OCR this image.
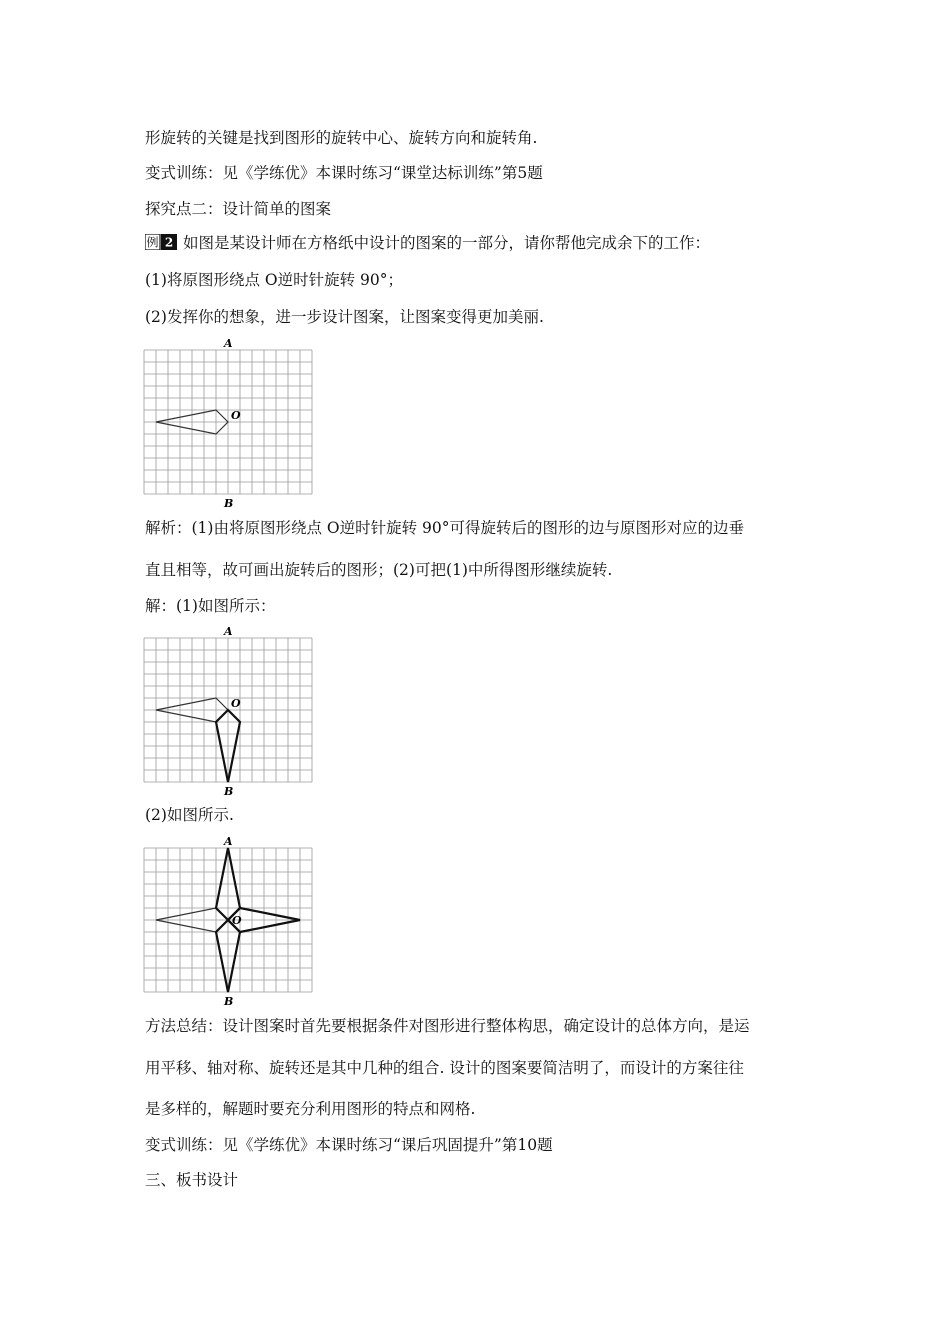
形旋转的关键是找到图形的旋转中心、旋转方向和旋转角.
变式训练：见《学练优》本课时练习“课堂达标训练”第5题
探究点二：设计简单的图案
例 2 如图是某设计师在方格纸中设计的图案的一部分，请你帮他完成余下的工作：
(1)将原图形绕点 O逆时针旋转 90°；
(2)发挥你的想象，进一步设计图案，让图案变得更加美丽.
A
B
O
解析：(1)由将原图形绕点 O逆时针旋转 90°可得旋转后的图形的边与原图形对应的边垂
直且相等，故可画出旋转后的图形；(2)可把(1)中所得图形继续旋转.
解：(1)如图所示：
A
B
O
(2)如图所示.
A
B
O
方法总结：设计图案时首先要根据条件对图形进行整体构思，确定设计的总体方向，是运
用平移、轴对称、旋转还是其中几种的组合. 设计的图案要简洁明了，而设计的方案往往
是多样的，解题时要充分利用图形的特点和网格.
变式训练：见《学练优》本课时练习“课后巩固提升”第10题
三、板书设计
